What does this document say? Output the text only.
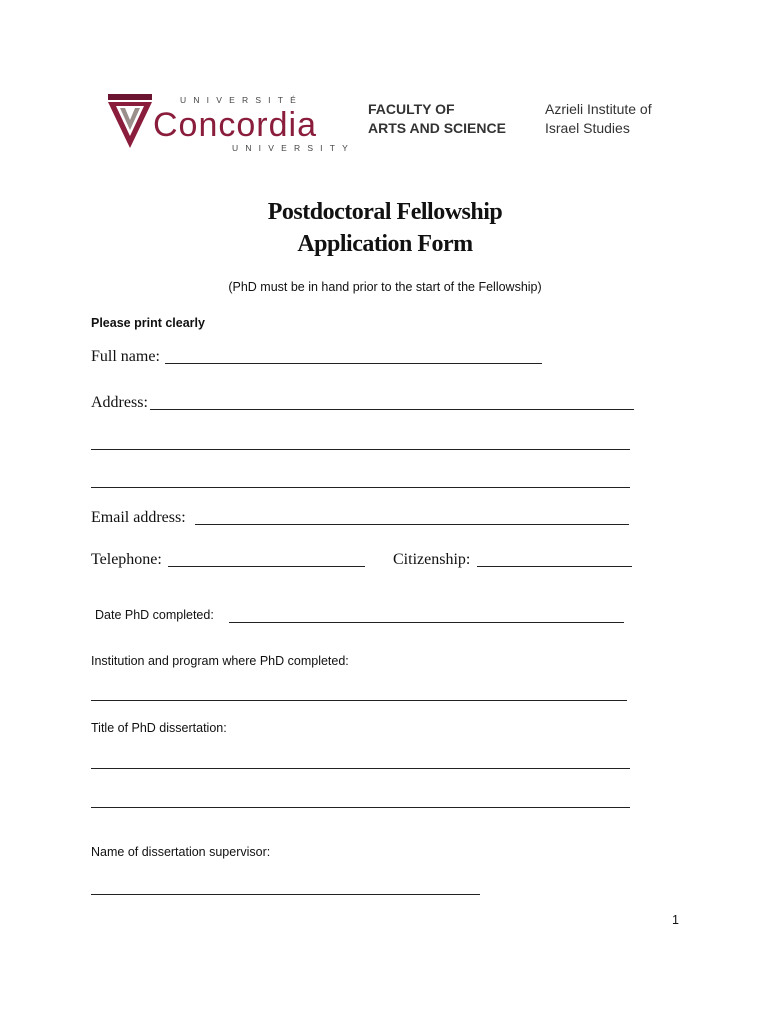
UNIVERSITÉ
Concordia
UNIVERSITY
FACULTY OF
ARTS AND SCIENCE
Azrieli Institute of
Israel Studies
Postdoctoral Fellowship
Application Form
(PhD must be in hand prior to the start of the Fellowship)
Please print clearly
Full name:
Address:
Email address:
Telephone:	Citizenship:
Date PhD completed:
Institution and program where PhD completed:
Title of PhD dissertation:
Name of dissertation supervisor:
1
